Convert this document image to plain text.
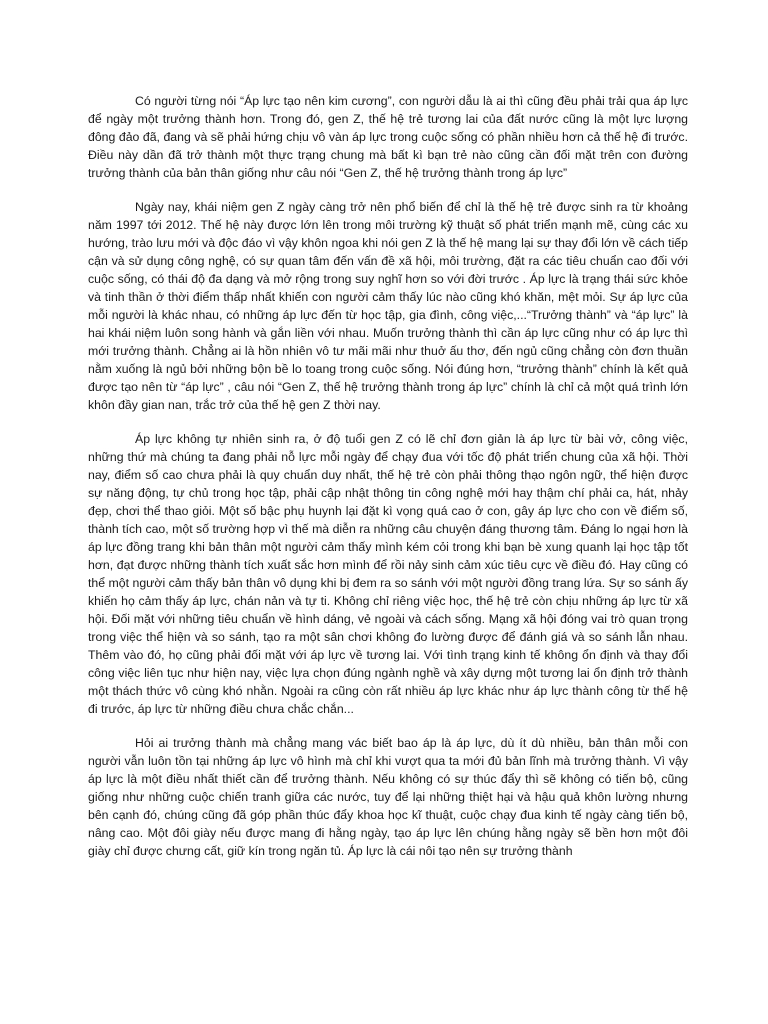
Có người từng nói “Áp lực tạo nên kim cương”, con người dẫu là ai thì cũng đều phải trải qua áp lực để ngày một trưởng thành hơn. Trong đó, gen Z, thế hệ trẻ tương lai của đất nước cũng là một lực lượng đông đảo đã, đang và sẽ phải hứng chịu vô vàn áp lực trong cuộc sống có phần nhiều hơn cả thế hệ đi trước. Điều này dần đã trở thành một thực trạng chung mà bất kì bạn trẻ nào cũng cần đối mặt trên con đường trưởng thành của bản thân giống như câu nói “Gen Z, thế hệ trưởng thành trong áp lực”

Ngày nay, khái niệm gen Z ngày càng trở nên phổ biến để chỉ là thế hệ trẻ được sinh ra từ khoảng năm 1997 tới 2012. Thế hệ này được lớn lên trong môi trường kỹ thuật số phát triển mạnh mẽ, cùng các xu hướng, trào lưu mới và độc đáo vì vậy khôn ngoa khi nói gen Z là thế hệ mang lại sự thay đổi lớn về cách tiếp cận và sử dụng công nghệ, có sự quan tâm đến vấn đề xã hội, môi trường, đặt ra các tiêu chuẩn cao đối với cuộc sống, có thái độ đa dạng và mở rộng trong suy nghĩ hơn so với đời trước . Áp lực là trạng thái sức khỏe và tinh thần ở thời điểm thấp nhất khiến con người cảm thấy lúc nào cũng khó khăn, mệt mỏi. Sự áp lực của mỗi người là khác nhau, có những áp lực đến từ học tập, gia đình, công việc,...“Trưởng thành” và “áp lực” là hai khái niệm luôn song hành và gắn liền với nhau. Muốn trưởng thành thì cần áp lực cũng như có áp lực thì mới trưởng thành. Chẳng ai là hồn nhiên vô tư mãi mãi như thuở ấu thơ, đến ngủ cũng chẳng còn đơn thuần nằm xuống là ngủ bởi những bộn bề lo toang trong cuộc sống. Nói đúng hơn, “trưởng thành” chính là kết quả được tạo nên từ “áp lực” , câu nói “Gen Z, thế hệ trưởng thành trong áp lực” chính là chỉ cả một quá trình lớn khôn đầy gian nan, trắc trở của thế hệ gen Z thời nay.

Áp lực không tự nhiên sinh ra, ở độ tuổi gen Z có lẽ chỉ đơn giản là áp lực từ bài vở, công việc, những thứ mà chúng ta đang phải nỗ lực mỗi ngày để chạy đua với tốc độ phát triển chung của xã hội. Thời nay, điểm số cao chưa phải là quy chuẩn duy nhất, thế hệ trẻ còn phải thông thạo ngôn ngữ, thể hiện được sự năng động, tự chủ trong học tập, phải cập nhật thông tin công nghệ mới hay thậm chí phải ca, hát, nhảy đẹp, chơi thể thao giỏi. Một số bậc phụ huynh lại đặt kì vọng quá cao ở con, gây áp lực cho con về điểm số, thành tích cao, một số trường hợp vì thế mà diễn ra những câu chuyện đáng thương tâm. Đáng lo ngại hơn là áp lực đồng trang khi bản thân một người cảm thấy mình kém cỏi trong khi bạn bè xung quanh lại học tập tốt hơn, đạt được những thành tích xuất sắc hơn mình để rồi nảy sinh cảm xúc tiêu cực về điều đó. Hay cũng có thể một người cảm thấy bản thân vô dụng khi bị đem ra so sánh với một người đồng trang lứa. Sự so sánh ấy khiến họ cảm thấy áp lực, chán nản và tự ti. Không chỉ riêng việc học, thế hệ trẻ còn chịu những áp lực từ xã hội. Đối mặt với những tiêu chuẩn về hình dáng, vẻ ngoài và cách sống. Mạng xã hội đóng vai trò quan trọng trong việc thể hiện và so sánh, tạo ra một sân chơi không đo lường được để đánh giá và so sánh lẫn nhau. Thêm vào đó, họ cũng phải đối mặt với áp lực về tương lai. Với tình trạng kinh tế không ổn định và thay đổi công việc liên tục như hiện nay, việc lựa chọn đúng ngành nghề và xây dựng một tương lai ổn định trở thành một thách thức vô cùng khó nhằn. Ngoài ra cũng còn rất nhiều áp lực khác như áp lực thành công từ thế hệ đi trước, áp lực từ những điều chưa chắc chắn...

Hỏi ai trưởng thành mà chẳng mang vác biết bao áp là áp lực, dù ít dù nhiều, bản thân mỗi con người vẫn luôn tồn tại những áp lực vô hình mà chỉ khi vượt qua ta mới đủ bản lĩnh mà trưởng thành. Vì vậy áp lực là một điều nhất thiết cần để trưởng thành. Nếu không có sự thúc đẩy thì sẽ không có tiến bộ, cũng giống như những cuộc chiến tranh giữa các nước, tuy để lại những thiệt hại và hậu quả khôn lường nhưng bên cạnh đó, chúng cũng đã góp phần thúc đẩy khoa học kĩ thuật, cuộc chạy đua kinh tế ngày càng tiến bộ, nâng cao. Một đôi giày nếu được mang đi hằng ngày, tạo áp lực lên chúng hằng ngày sẽ bền hơn một đôi giày chỉ được chưng cất, giữ kín trong ngăn tủ. Áp lực là cái nôi tạo nên sự trưởng thành
